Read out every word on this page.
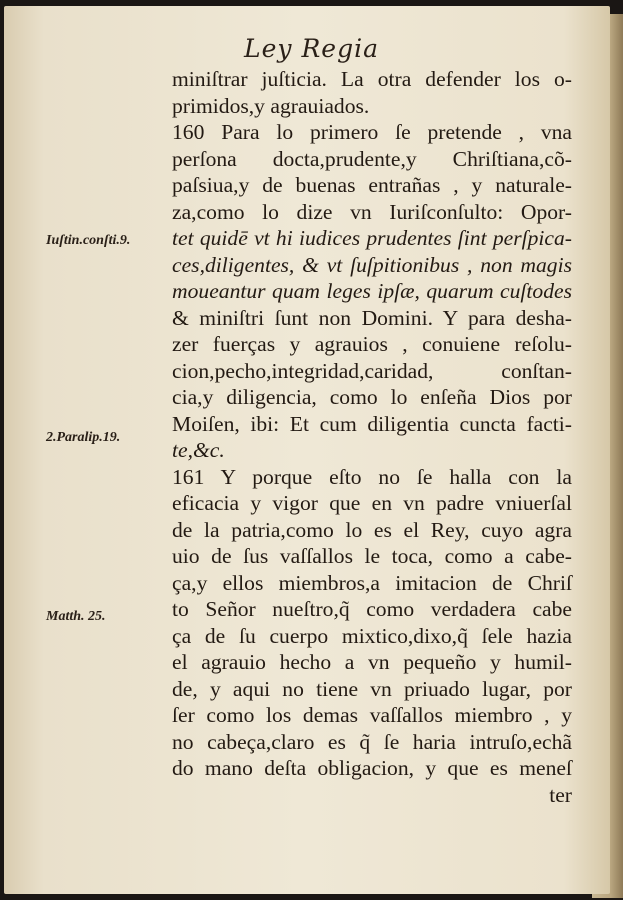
Ley Regia
Iuſtin.conſti.9.
2.Paralip.19.
Matth. 25.
miniſtrar juſticia. La otra defender los o-
primidos,y agrauiados.
160 Para lo primero ſe pretende , vna
perſona docta,prudente,y Chriſtiana,cõ-
paſsiua,y de buenas entrañas , y naturale-
za,como lo dize vn Iuriſconſulto: Opor-
tet quidē vt hi iudices prudentes ſint perſpica-
ces,diligentes, & vt ſuſpitionibus , non magis
moueantur quam leges ipſæ, quarum cuſtodes
& miniſtri ſunt non Domini. Y para desha-
zer fuerças y agrauios , conuiene reſolu-
cion,pecho,integridad,caridad, conſtan-
cia,y diligencia, como lo enſeña Dios por
Moiſen, ibi: Et cum diligentia cuncta facti-
te,&c.
161 Y porque eſto no ſe halla con la
eficacia y vigor que en vn padre vniuerſal
de la patria,como lo es el Rey, cuyo agra
uio de ſus vaſſallos le toca, como a cabe-
ça,y ellos miembros,a imitacion de Chriſ
to Señor nueſtro,q̃ como verdadera cabe
ça de ſu cuerpo mixtico,dixo,q̃ ſele hazia
el agrauio hecho a vn pequeño y humil-
de, y aqui no tiene vn priuado lugar, por
ſer como los demas vaſſallos miembro , y
no cabeça,claro es q̃ ſe haria intruſo,echã
do mano deſta obligacion, y que es meneſ
ter
